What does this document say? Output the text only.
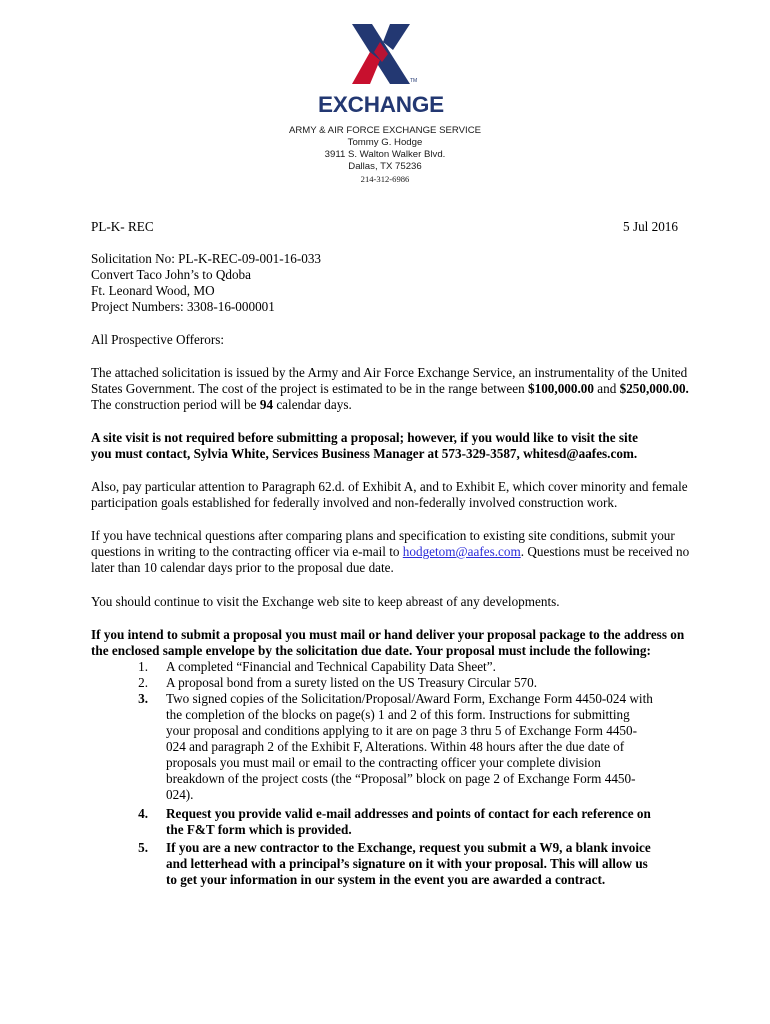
TM
EXCHANGE
ARMY & AIR FORCE EXCHANGE SERVICE
Tommy G. Hodge
3911 S. Walton Walker Blvd.
Dallas, TX 75236
214-312-6986
PL-K- REC	5 Jul 2016
Solicitation No: PL-K-REC-09-001-16-033
Convert Taco John’s to Qdoba
Ft. Leonard Wood, MO
Project Numbers: 3308-16-000001
All Prospective Offerors:
The attached solicitation is issued by the Army and Air Force Exchange Service, an instrumentality of the United
States Government. The cost of the project is estimated to be in the range between $100,000.00 and $250,000.00.
The construction period will be 94 calendar days.
A site visit is not required before submitting a proposal; however, if you would like to visit the site
you must contact, Sylvia White, Services Business Manager at 573-329-3587, whitesd@aafes.com.
Also, pay particular attention to Paragraph 62.d. of Exhibit A, and to Exhibit E, which cover minority and female
participation goals established for federally involved and non-federally involved construction work.
If you have technical questions after comparing plans and specification to existing site conditions, submit your
questions in writing to the contracting officer via e-mail to hodgetom@aafes.com. Questions must be received no
later than 10 calendar days prior to the proposal due date.
You should continue to visit the Exchange web site to keep abreast of any developments.
If you intend to submit a proposal you must mail or hand deliver your proposal package to the address on
the enclosed sample envelope by the solicitation due date. Your proposal must include the following:
1. A completed “Financial and Technical Capability Data Sheet”.
2. A proposal bond from a surety listed on the US Treasury Circular 570.
3. Two signed copies of the Solicitation/Proposal/Award Form, Exchange Form 4450-024 with
the completion of the blocks on page(s) 1 and 2 of this form. Instructions for submitting
your proposal and conditions applying to it are on page 3 thru 5 of Exchange Form 4450-
024 and paragraph 2 of the Exhibit F, Alterations. Within 48 hours after the due date of
proposals you must mail or email to the contracting officer your complete division
breakdown of the project costs (the “Proposal” block on page 2 of Exchange Form 4450-
024).
4. Request you provide valid e-mail addresses and points of contact for each reference on
the F&T form which is provided.
5. If you are a new contractor to the Exchange, request you submit a W9, a blank invoice
and letterhead with a principal’s signature on it with your proposal. This will allow us
to get your information in our system in the event you are awarded a contract.
